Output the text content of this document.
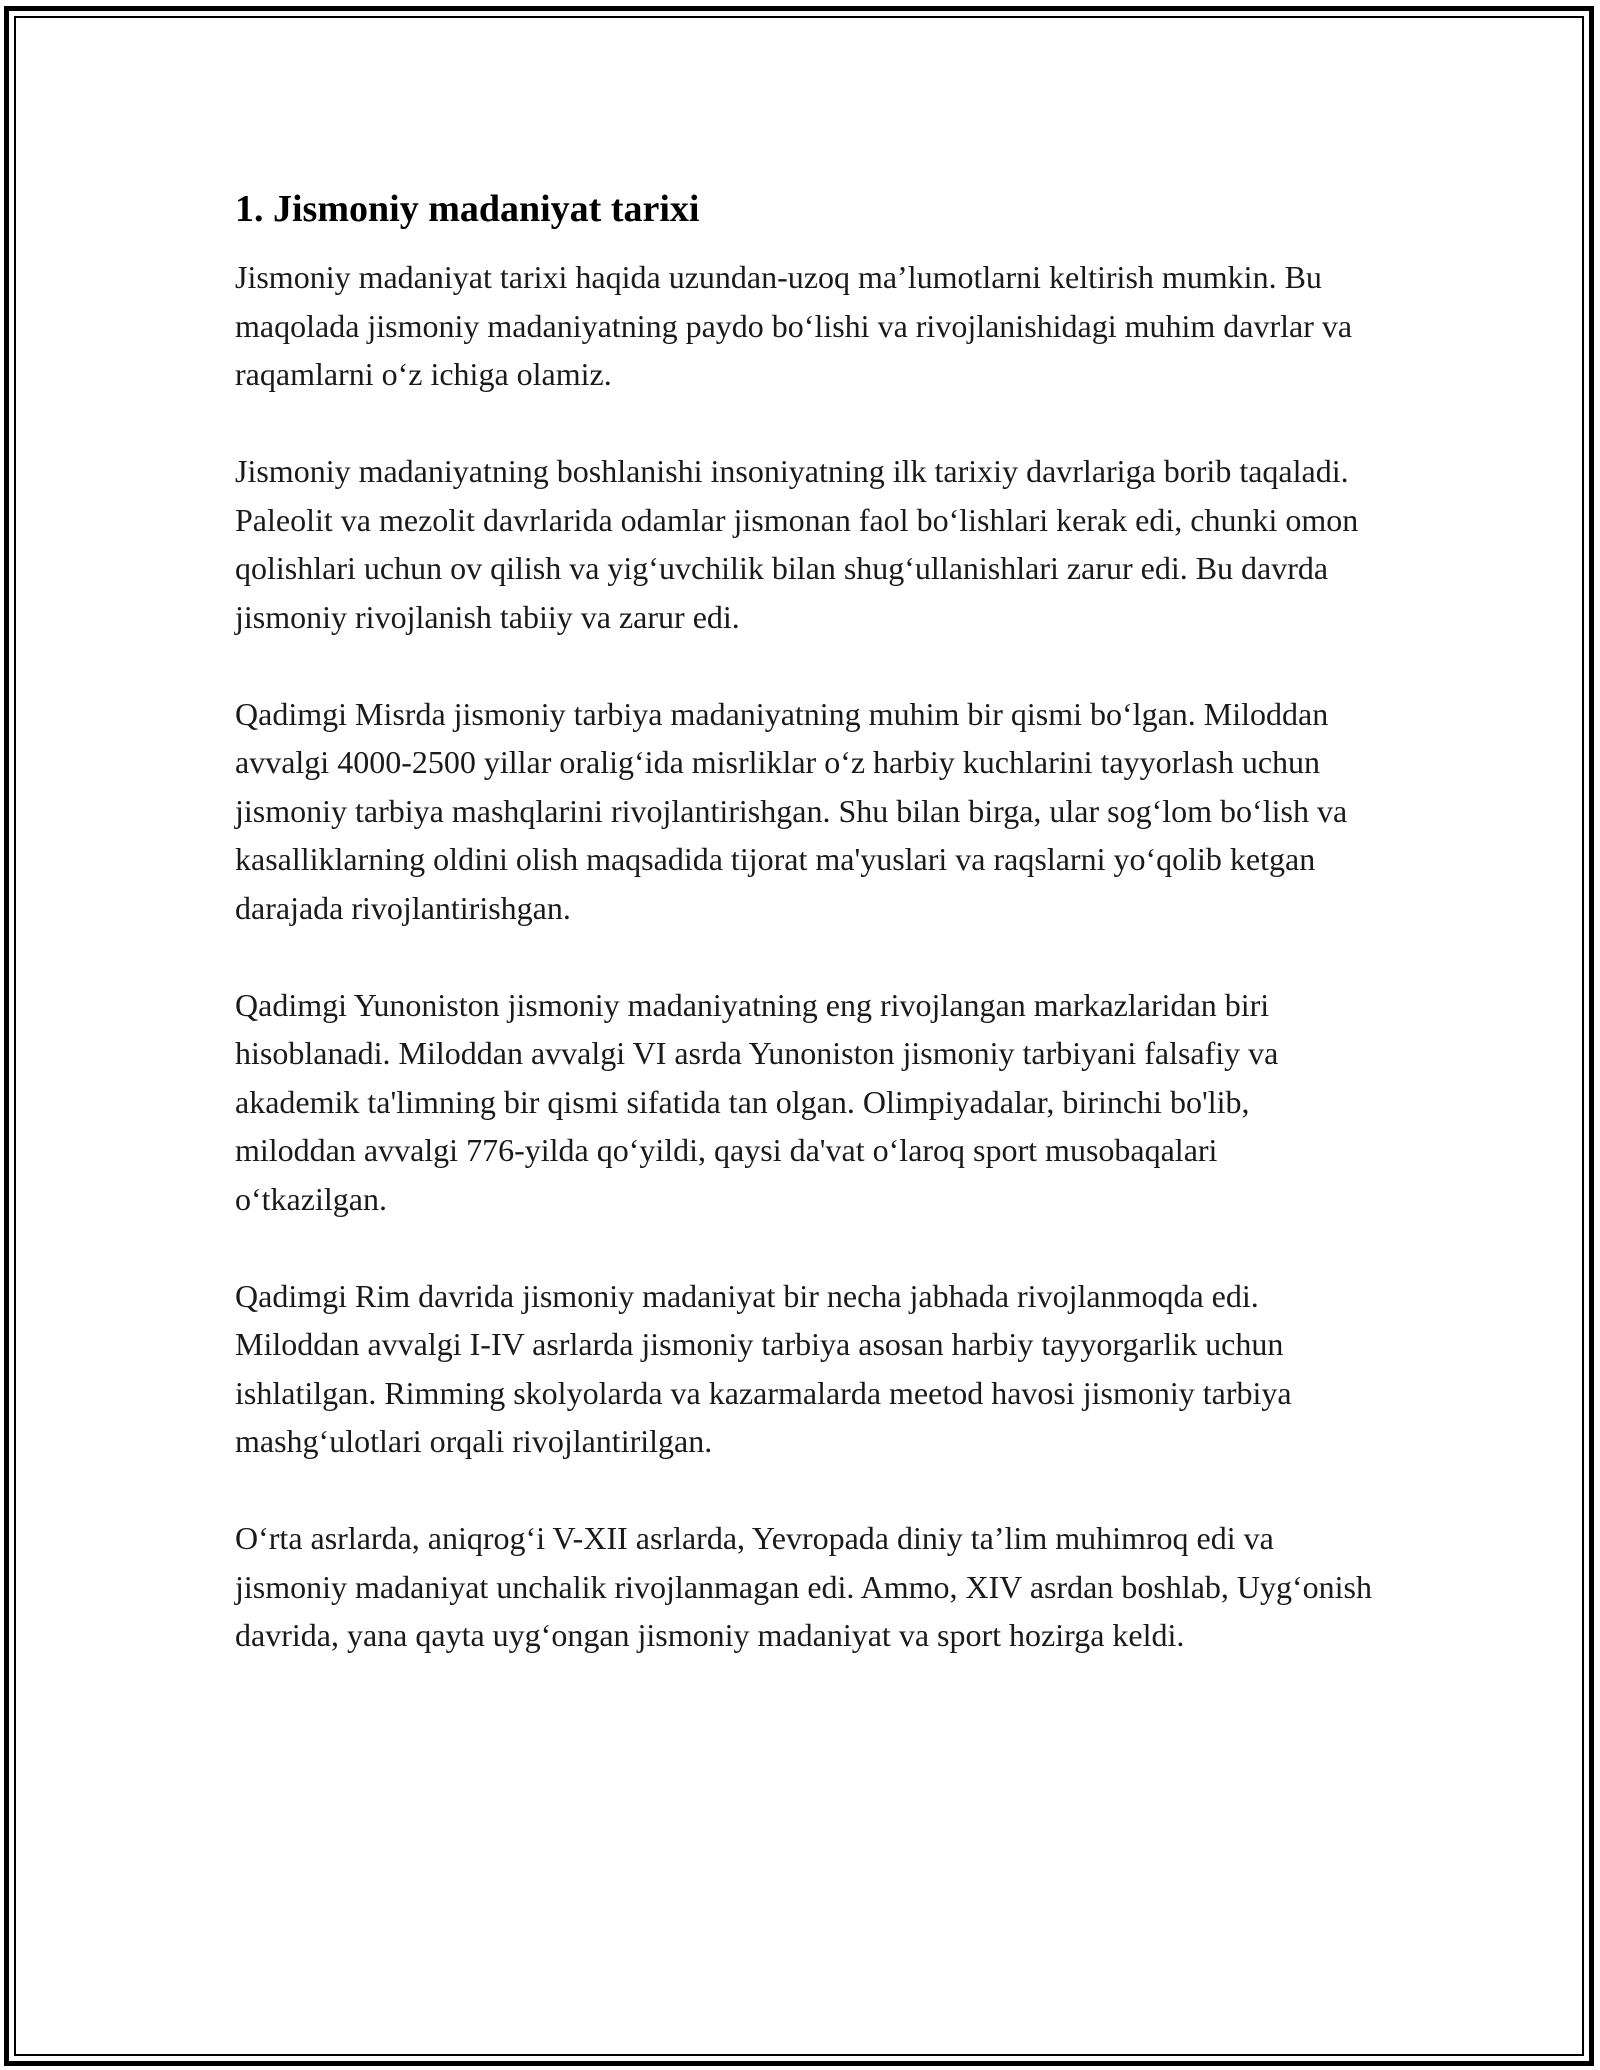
1. Jismoniy madaniyat tarixi

Jismoniy madaniyat tarixi haqida uzundan-uzoq ma’lumotlarni keltirish mumkin. Bu maqolada jismoniy madaniyatning paydo bo‘lishi va rivojlanishidagi muhim davrlar va raqamlarni o‘z ichiga olamiz.

Jismoniy madaniyatning boshlanishi insoniyatning ilk tarixiy davrlariga borib taqaladi. Paleolit va mezolit davrlarida odamlar jismonan faol bo‘lishlari kerak edi, chunki omon qolishlari uchun ov qilish va yig‘uvchilik bilan shug‘ullanishlari zarur edi. Bu davrda jismoniy rivojlanish tabiiy va zarur edi.

Qadimgi Misrda jismoniy tarbiya madaniyatning muhim bir qismi bo‘lgan. Miloddan avvalgi 4000-2500 yillar oralig‘ida misrliklar o‘z harbiy kuchlarini tayyorlash uchun jismoniy tarbiya mashqlarini rivojlantirishgan. Shu bilan birga, ular sog‘lom bo‘lish va kasalliklarning oldini olish maqsadida tijorat ma'yuslari va raqslarni yo‘qolib ketgan darajada rivojlantirishgan.

Qadimgi Yunoniston jismoniy madaniyatning eng rivojlangan markazlaridan biri hisoblanadi. Miloddan avvalgi VI asrda Yunoniston jismoniy tarbiyani falsafiy va akademik ta'limning bir qismi sifatida tan olgan. Olimpiyadalar, birinchi bo'lib, miloddan avvalgi 776-yilda qo‘yildi, qaysi da'vat o‘laroq sport musobaqalari o‘tkazilgan.

Qadimgi Rim davrida jismoniy madaniyat bir necha jabhada rivojlanmoqda edi. Miloddan avvalgi I-IV asrlarda jismoniy tarbiya asosan harbiy tayyorgarlik uchun ishlatilgan. Rimming skolyolarda va kazarmalarda meetod havosi jismoniy tarbiya mashg‘ulotlari orqali rivojlantirilgan.

O‘rta asrlarda, aniqrog‘i V-XII asrlarda, Yevropada diniy ta’lim muhimroq edi va jismoniy madaniyat unchalik rivojlanmagan edi. Ammo, XIV asrdan boshlab, Uyg‘onish davrida, yana qayta uyg‘ongan jismoniy madaniyat va sport hozirga keldi.
